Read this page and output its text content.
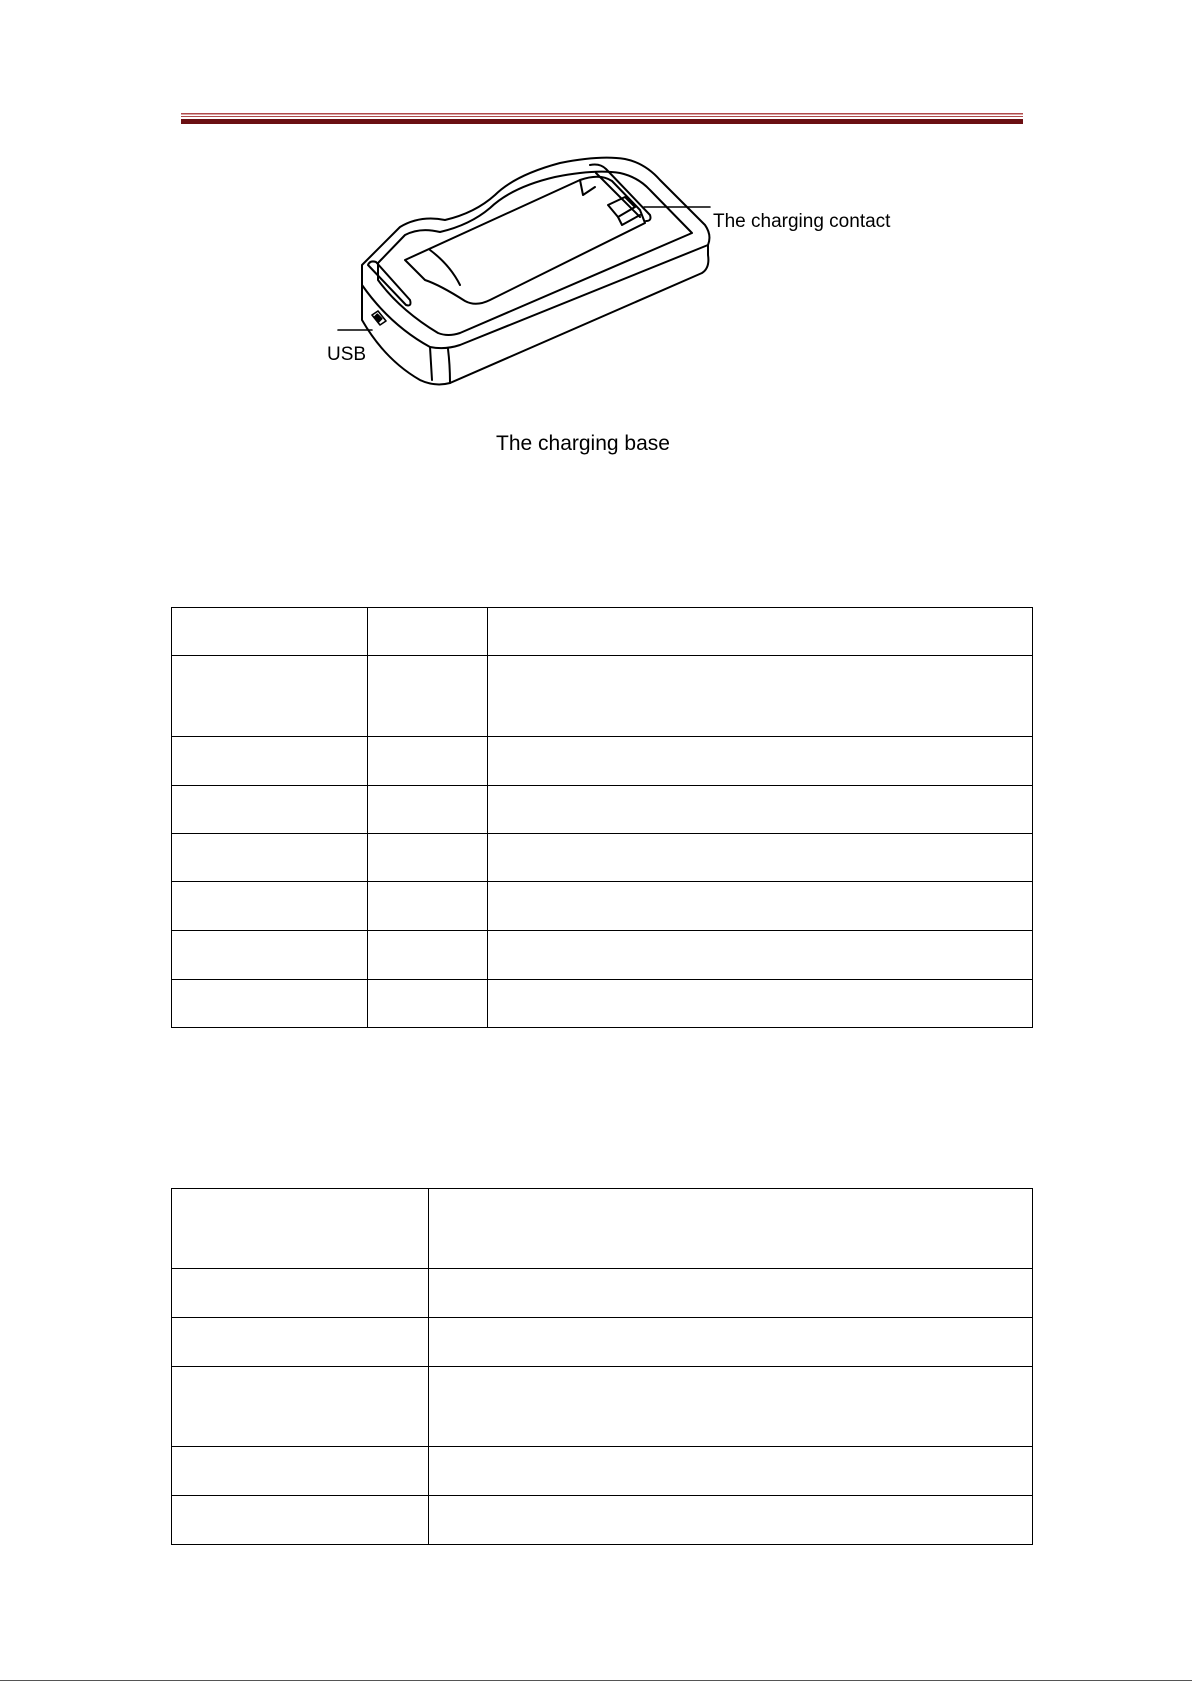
The charging contact
USB
The charging base
